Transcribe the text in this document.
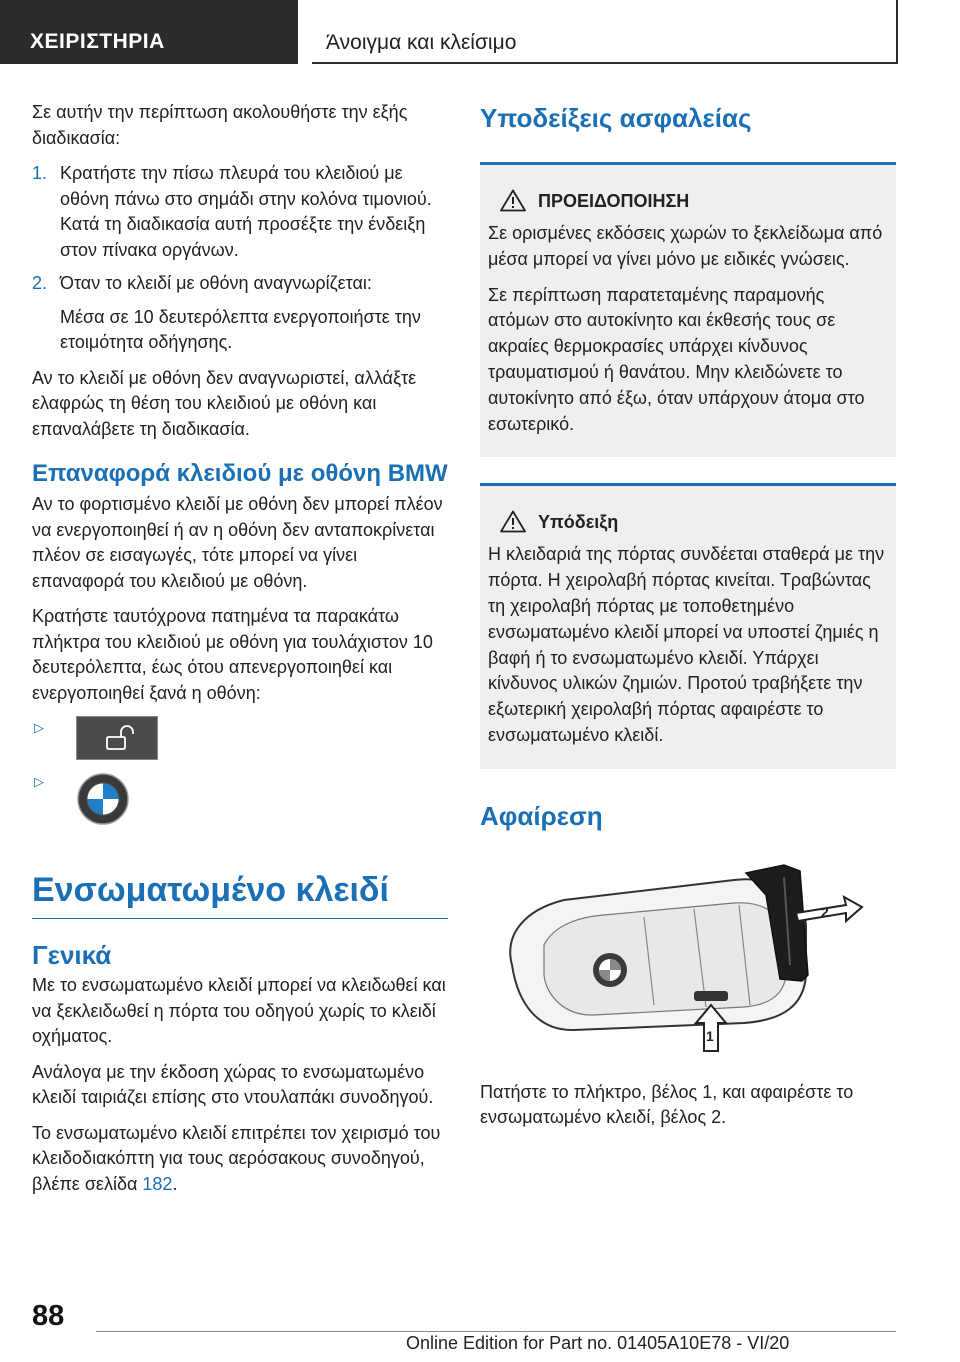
ΧΕΙΡΙΣΤΗΡΙΑ	Άνοιγμα και κλείσιμο

Σε αυτήν την περίπτωση ακολουθήστε την εξής διαδικασία:

1. Κρατήστε την πίσω πλευρά του κλειδιού με οθόνη πάνω στο σημάδι στην κολόνα τιμονιού. Κατά τη διαδικασία αυτή προσέξτε την ένδειξη στον πίνακα οργάνων.
2. Όταν το κλειδί με οθόνη αναγνωρίζεται:
Μέσα σε 10 δευτερόλεπτα ενεργοποιήστε την ετοιμότητα οδήγησης.

Αν το κλειδί με οθόνη δεν αναγνωριστεί, αλλάξτε ελαφρώς τη θέση του κλειδιού με οθόνη και επαναλάβετε τη διαδικασία.

Επαναφορά κλειδιού με οθόνη BMW

Αν το φορτισμένο κλειδί με οθόνη δεν μπορεί πλέον να ενεργοποιηθεί ή αν η οθόνη δεν ανταποκρίνεται πλέον σε εισαγωγές, τότε μπορεί να γίνει επαναφορά του κλειδιού με οθόνη.

Κρατήστε ταυτόχρονα πατημένα τα παρακάτω πλήκτρα του κλειδιού με οθόνη για τουλάχιστον 10 δευτερόλεπτα, έως ότου απενεργοποιηθεί και ενεργοποιηθεί ξανά η οθόνη:

▷
▷
Ενσωματωμένο κλειδί
Γενικά

Με το ενσωματωμένο κλειδί μπορεί να κλειδωθεί και να ξεκλειδωθεί η πόρτα του οδηγού χωρίς το κλειδί οχήματος.

Ανάλογα με την έκδοση χώρας το ενσωματωμένο κλειδί ταιριάζει επίσης στο ντουλαπάκι συνοδηγού.

Το ενσωματωμένο κλειδί επιτρέπει τον χειρισμό του κλειδοδιακόπτη για τους αερόσακους συνοδηγού, βλέπε σελίδα 182.

Υποδείξεις ασφαλείας
ΠΡΟΕΙΔΟΠΟΙΗΣΗ

Σε ορισμένες εκδόσεις χωρών το ξεκλείδωμα από μέσα μπορεί να γίνει μόνο με ειδικές γνώσεις.

Σε περίπτωση παρατεταμένης παραμονής ατόμων στο αυτοκίνητο και έκθεσής τους σε ακραίες θερμοκρασίες υπάρχει κίνδυνος τραυματισμού ή θανάτου. Μην κλειδώνετε το αυτοκίνητο από έξω, όταν υπάρχουν άτομα στο εσωτερικό.

Υπόδειξη

Η κλειδαριά της πόρτας συνδέεται σταθερά με την πόρτα. Η χειρολαβή πόρτας κινείται. Τραβώντας τη χειρολαβή πόρτας με τοποθετημένο ενσωματωμένο κλειδί μπορεί να υποστεί ζημιές η βαφή ή το ενσωματωμένο κλειδί. Υπάρχει κίνδυνος υλικών ζημιών. Προτού τραβήξετε την εξωτερική χειρολαβή πόρτας αφαιρέστε το ενσωματωμένο κλειδί.

Αφαίρεση
2
1

Πατήστε το πλήκτρο, βέλος 1, και αφαιρέστε το ενσωματωμένο κλειδί, βέλος 2.

88
Online Edition for Part no. 01405A10E78 - VI/20
